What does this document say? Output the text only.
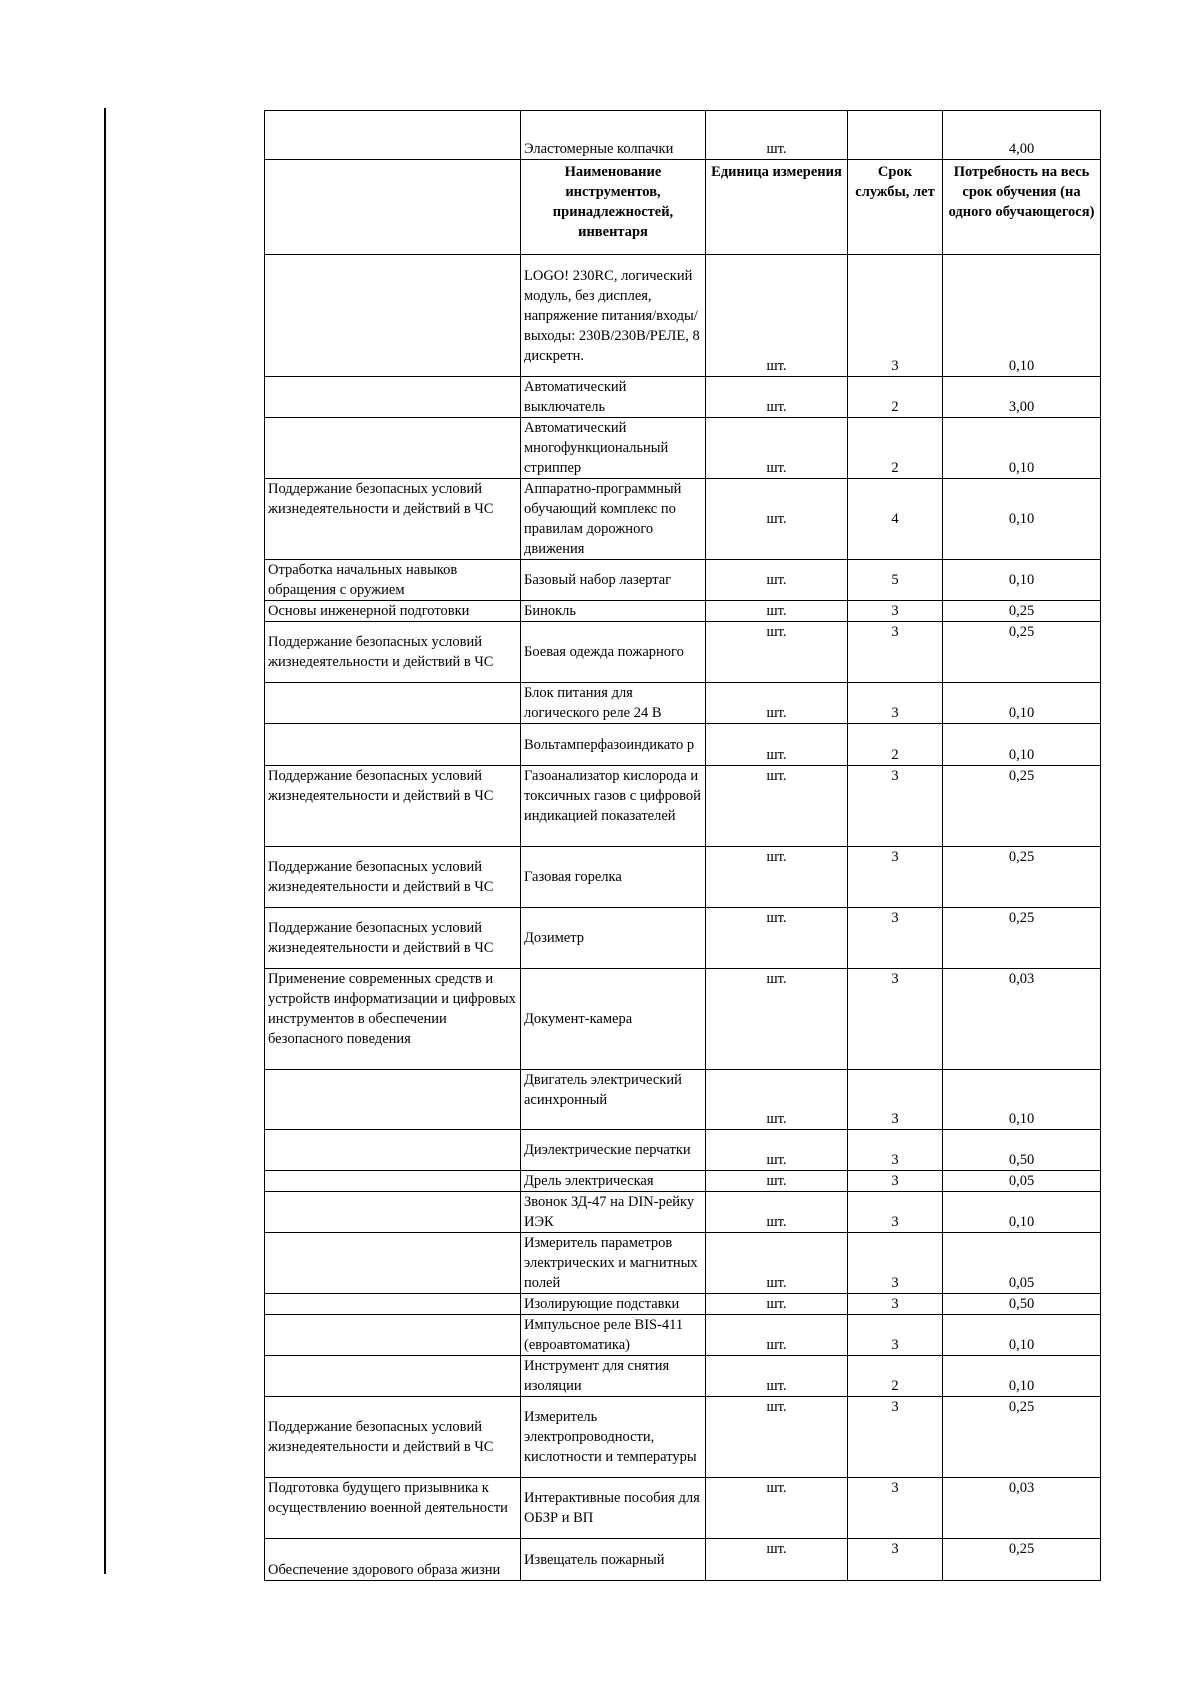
	Эластомерные колпачки	шт.		4,00
	Наименование инструментов, принадлежностей, инвентаря	Единица измерения	Срок службы, лет	Потребность на весь срок обучения (на одного обучающегося)
	LOGO! 230RC, логический модуль, без дисплея, напряжение питания/входы/выходы: 230В/230В/РЕЛЕ, 8 дискретн.	шт.	3	0,10
	Автоматический выключатель	шт.	2	3,00
	Автоматический многофункциональный стриппер	шт.	2	0,10
Поддержание безопасных условий жизнедеятельности и действий в ЧС	Аппаратно-программный обучающий комплекс по правилам дорожного движения	шт.	4	0,10
Отработка начальных навыков обращения с оружием	Базовый набор лазертаг	шт.	5	0,10
Основы инженерной подготовки	Бинокль	шт.	3	0,25
Поддержание безопасных условий жизнедеятельности и действий в ЧС	Боевая одежда пожарного	шт.	3	0,25
	Блок питания для логического реле 24 В	шт.	3	0,10
	Вольтамперфазоиндикато р	шт.	2	0,10
Поддержание безопасных условий жизнедеятельности и действий в ЧС	Газоанализатор кислорода и токсичных газов с цифровой индикацией показателей	шт.	3	0,25
Поддержание безопасных условий жизнедеятельности и действий в ЧС	Газовая горелка	шт.	3	0,25
Поддержание безопасных условий жизнедеятельности и действий в ЧС	Дозиметр	шт.	3	0,25
Применение современных средств и устройств информатизации и цифровых инструментов в обеспечении безопасного поведения	Документ-камера	шт.	3	0,03
	Двигатель электрический асинхронный	шт.	3	0,10
	Диэлектрические перчатки	шт.	3	0,50
	Дрель электрическая	шт.	3	0,05
	Звонок ЗД-47 на DIN-рейку ИЭК	шт.	3	0,10
	Измеритель параметров электрических и магнитных полей	шт.	3	0,05
	Изолирующие подставки	шт.	3	0,50
	Импульсное реле BIS-411 (евроавтоматика)	шт.	3	0,10
	Инструмент для снятия изоляции	шт.	2	0,10
Поддержание безопасных условий жизнедеятельности и действий в ЧС	Измеритель электропроводности, кислотности и температуры	шт.	3	0,25
Подготовка будущего призывника к осуществлению военной деятельности	Интерактивные пособия для ОБЗР и ВП	шт.	3	0,03
Обеспечение здорового образа жизни	Извещатель пожарный	шт.	3	0,25
